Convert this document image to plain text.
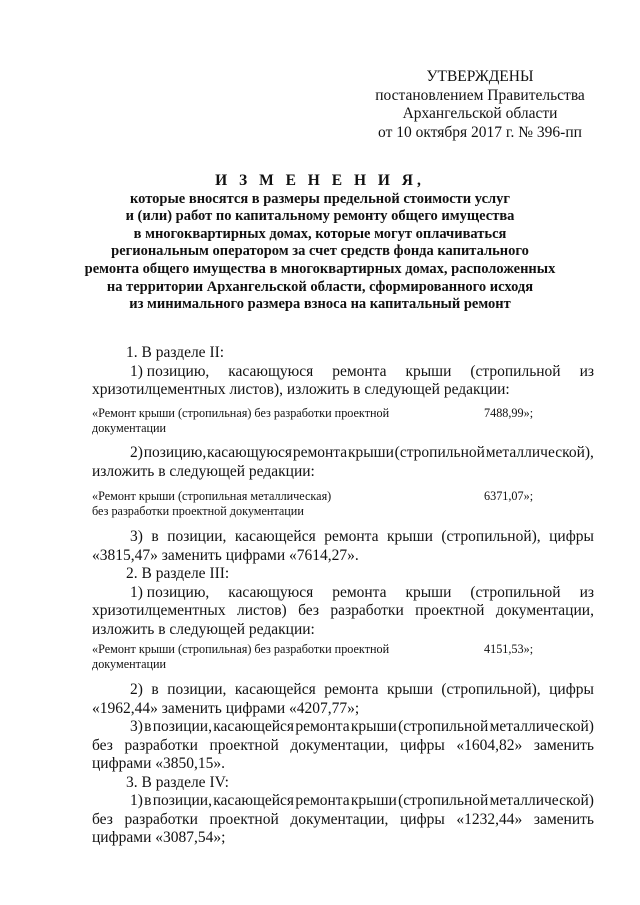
УТВЕРЖДЕНЫ
постановлением Правительства
Архангельской области
от 10 октября 2017 г. № 396-пп
И З М Е Н Е Н И Я,
которые вносятся в размеры предельной стоимости услуг
и (или) работ по капитальному ремонту общего имущества
в многоквартирных домах, которые могут оплачиваться
региональным оператором за счет средств фонда капитального
ремонта общего имущества в многоквартирных домах, расположенных
на территории Архангельской области, сформированного исходя
из минимального размера взноса на капитальный ремонт
1. В разделе II:
1) позицию, касающуюся ремонта крыши (стропильной из
хризотилцементных листов), изложить в следующей редакции:
«Ремонт крыши (стропильная) без разработки проектной
документации
7488,99»;
2) позицию, касающуюся ремонта крыши (стропильной металлической),
изложить в следующей редакции:
«Ремонт крыши (стропильная металлическая)
без разработки проектной документации
6371,07»;
3) в позиции, касающейся ремонта крыши (стропильной), цифры
«3815,47» заменить цифрами «7614,27».
2. В разделе III:
1) позицию, касающуюся ремонта крыши (стропильной из
хризотилцементных листов) без разработки проектной документации,
изложить в следующей редакции:
«Ремонт крыши (стропильная) без разработки проектной
документации
4151,53»;
2) в позиции, касающейся ремонта крыши (стропильной), цифры
«1962,44» заменить цифрами «4207,77»;
3) в позиции, касающейся ремонта крыши (стропильной металлической)
без разработки проектной документации, цифры «1604,82» заменить
цифрами «3850,15».
3. В разделе IV:
1) в позиции, касающейся ремонта крыши (стропильной металлической)
без разработки проектной документации, цифры «1232,44» заменить
цифрами «3087,54»;
